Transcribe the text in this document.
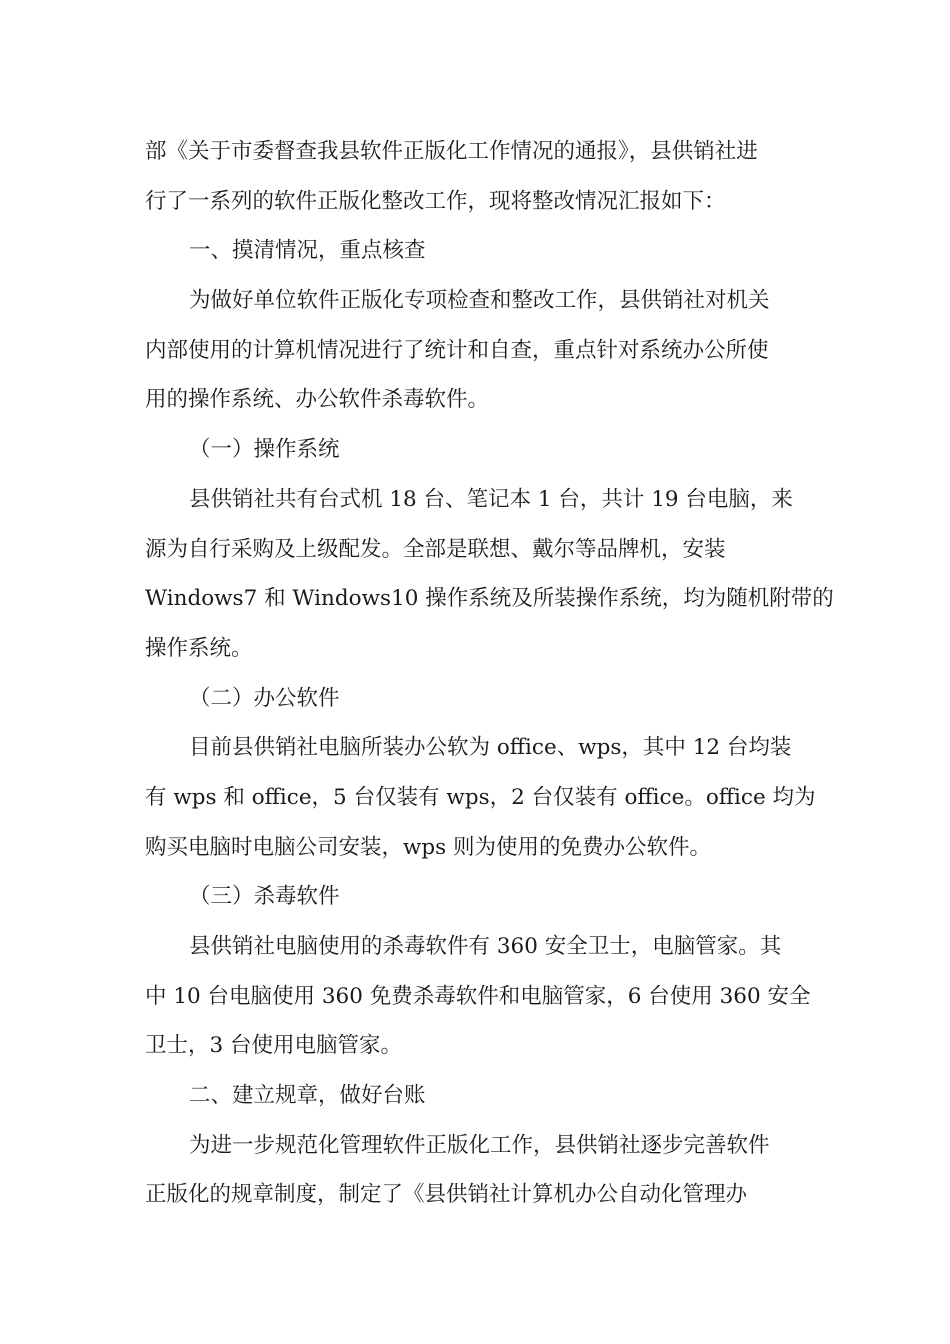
部《关于市委督查我县软件正版化工作情况的通报》，县供销社进
行了一系列的软件正版化整改工作，现将整改情况汇报如下：
一、摸清情况，重点核查
为做好单位软件正版化专项检查和整改工作，县供销社对机关
内部使用的计算机情况进行了统计和自查，重点针对系统办公所使
用的操作系统、办公软件杀毒软件。
（一）操作系统
县供销社共有台式机 18 台、笔记本 1 台，共计 19 台电脑，来
源为自行采购及上级配发。全部是联想、戴尔等品牌机，安装
Windows7 和 Windows10 操作系统及所装操作系统，均为随机附带的
操作系统。
（二）办公软件
目前县供销社电脑所装办公软为 office、wps，其中 12 台均装
有 wps 和 office，5 台仅装有 wps，2 台仅装有 office。office 均为
购买电脑时电脑公司安装，wps 则为使用的免费办公软件。
（三）杀毒软件
县供销社电脑使用的杀毒软件有 360 安全卫士，电脑管家。其
中 10 台电脑使用 360 免费杀毒软件和电脑管家，6 台使用 360 安全
卫士，3 台使用电脑管家。
二、建立规章，做好台账
为进一步规范化管理软件正版化工作，县供销社逐步完善软件
正版化的规章制度，制定了《县供销社计算机办公自动化管理办
